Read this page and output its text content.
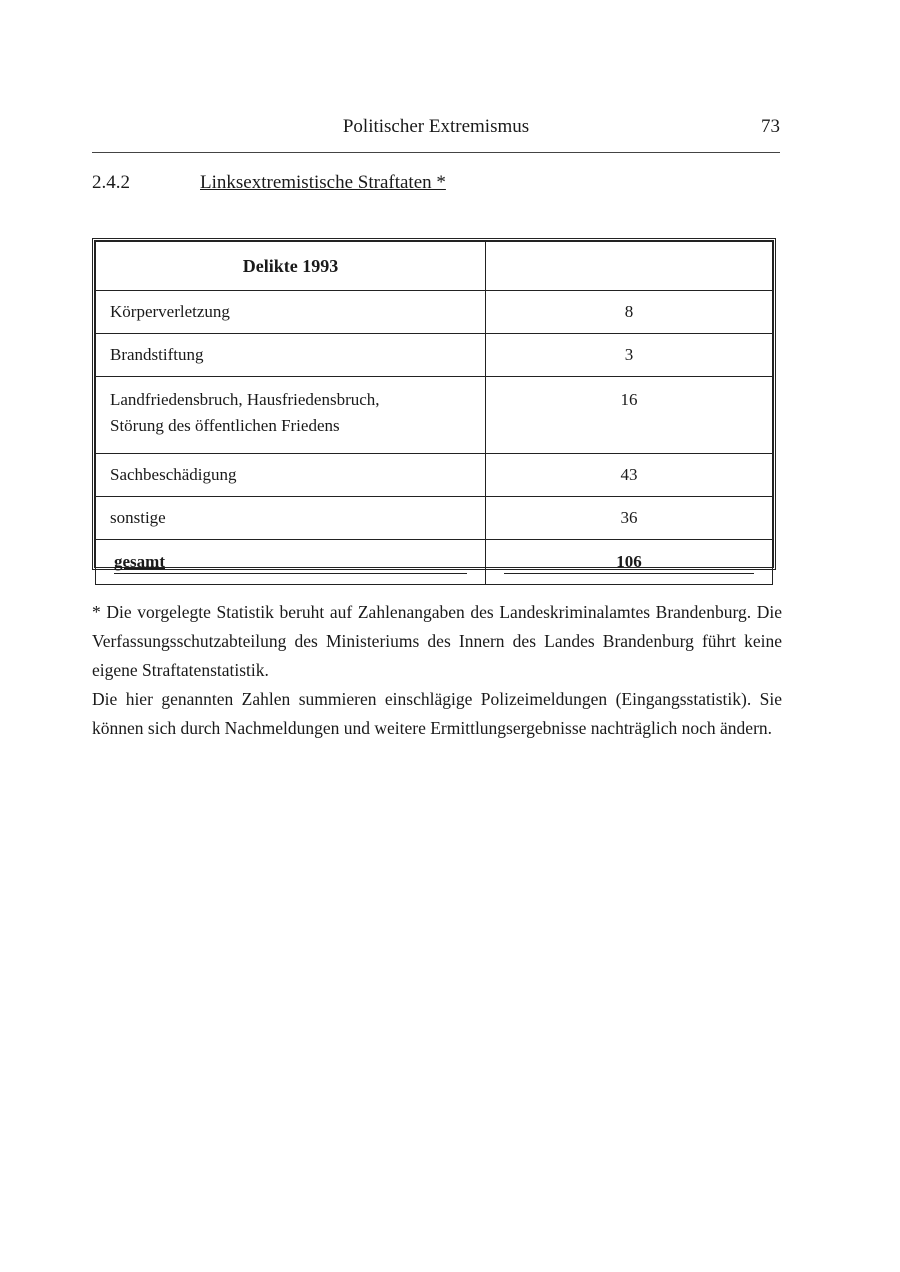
Politischer Extremismus	73
2.4.2	Linksextremistische Straftaten *
Delikte 1993	
Körperverletzung	8
Brandstiftung	3

Landfriedensbruch, Hausfriedensbruch,
Störung des öffentlichen Friedens	16
Sachbeschädigung	43
sonstige	36

gesamt	106

* Die vorgelegte Statistik beruht auf Zahlenangaben des Landeskriminalamtes Brandenburg. Die Verfassungsschutzabteilung des Ministeriums des Innern des Landes Brandenburg führt keine eigene Straftatenstatistik.

Die hier genannten Zahlen summieren einschlägige Polizeimeldungen (Eingangsstatistik). Sie können sich durch Nachmeldungen und weitere Ermittlungsergebnisse nachträglich noch ändern.
